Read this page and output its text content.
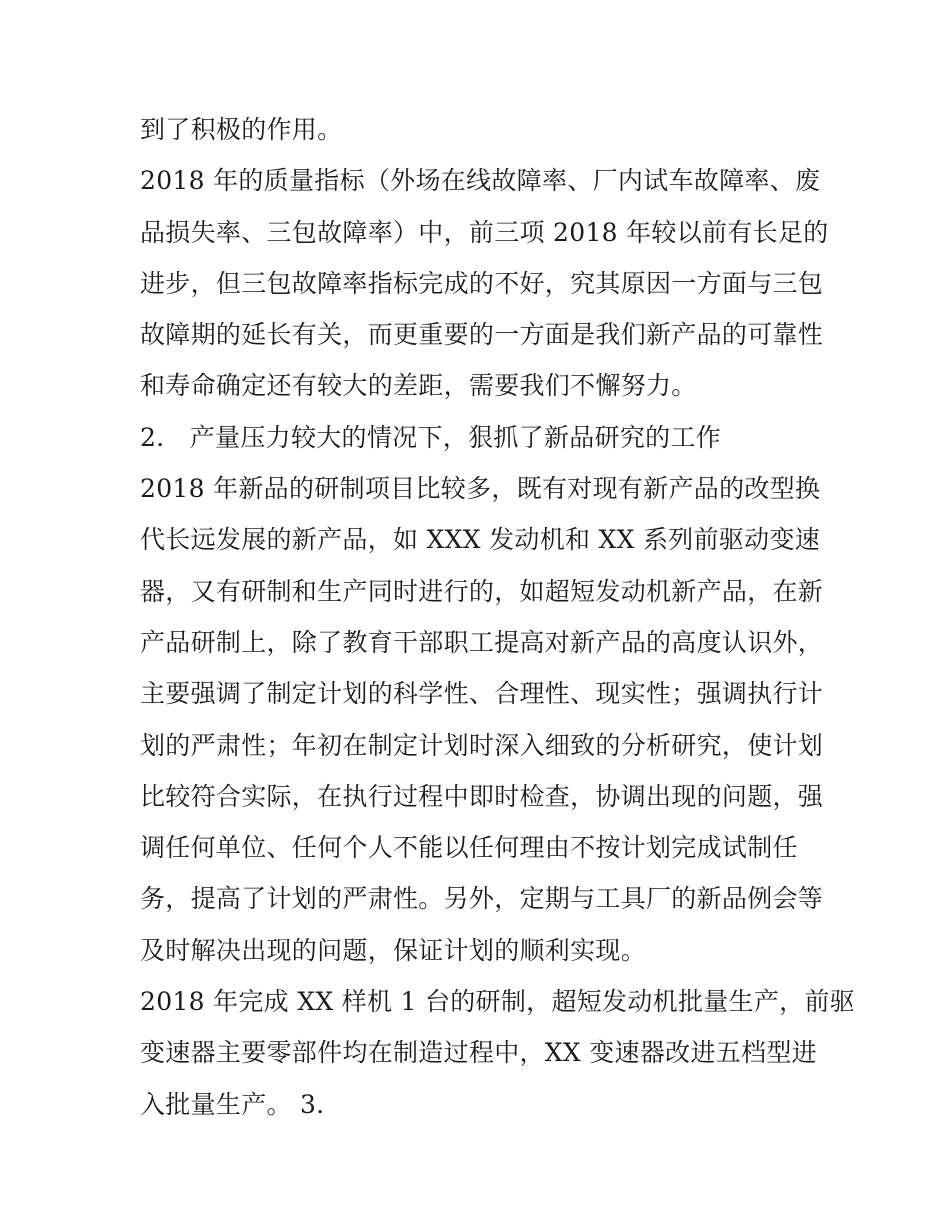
到了积极的作用。
2018 年的质量指标（外场在线故障率、厂内试车故障率、废
品损失率、三包故障率）中，前三项 2018 年较以前有长足的
进步，但三包故障率指标完成的不好，究其原因一方面与三包
故障期的延长有关，而更重要的一方面是我们新产品的可靠性
和寿命确定还有较大的差距，需要我们不懈努力。
2． 产量压力较大的情况下，狠抓了新品研究的工作
2018 年新品的研制项目比较多，既有对现有新产品的改型换
代长远发展的新产品，如 XXX 发动机和 XX 系列前驱动变速
器，又有研制和生产同时进行的，如超短发动机新产品，在新
产品研制上，除了教育干部职工提高对新产品的高度认识外，
主要强调了制定计划的科学性、合理性、现实性；强调执行计
划的严肃性；年初在制定计划时深入细致的分析研究，使计划
比较符合实际，在执行过程中即时检查，协调出现的问题，强
调任何单位、任何个人不能以任何理由不按计划完成试制任
务，提高了计划的严肃性。另外，定期与工具厂的新品例会等
及时解决出现的问题，保证计划的顺利实现。
2018 年完成 XX 样机 1 台的研制，超短发动机批量生产，前驱
变速器主要零部件均在制造过程中，XX 变速器改进五档型进
入批量生产。 3．
